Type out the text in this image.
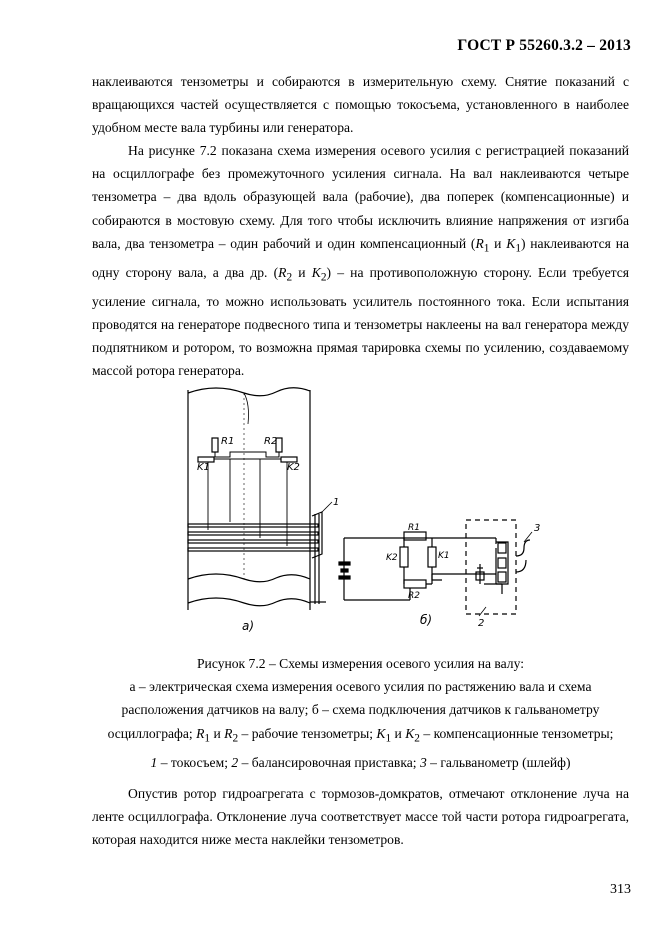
ГОСТ Р 55260.3.2 – 2013

наклеиваются тензометры и собираются в измерительную схему. Снятие показаний с вращающихся частей осуществляется с помощью токосъема, установленного в наиболее удобном месте вала турбины или генератора.

На рисунке 7.2 показана схема измерения осевого усилия с регистрацией показаний на осциллографе без промежуточного усиления сигнала. На вал наклеиваются четыре тензометра – два вдоль образующей вала (рабочие), два поперек (компенсационные) и собираются в мостовую схему. Для того чтобы исключить влияние напряжения от изгиба вала, два тензометра – один рабочий и один компенсационный ($R_1$ и $K_1$) наклеиваются на одну сторону вала, а два др. ($R_2$ и $K_2$) – на противоположную сторону. Если требуется усиление сигнала, то можно использовать усилитель постоянного тока. Если испытания проводятся на генераторе подвесного типа и тензометры наклеены на вал генератора между подпятником и ротором, то возможна прямая тарировка схемы по усилению, создаваемому массой ротора генератора.

R1	R2
K1	K2
1
3
2
R1
K2	K1
R2
а)	б)
Рисунок 7.2 – Схемы измерения осевого усилия на валу:
а – электрическая схема измерения осевого усилия по растяжению вала и схема
расположения датчиков на валу; б – схема подключения датчиков к гальванометру
осциллографа; $R_1$ и $R_2$ – рабочие тензометры; $K_1$ и $K_2$ – компенсационные тензометры;
1 – токосъем; 2 – балансировочная приставка; 3 – гальванометр (шлейф)

Опустив ротор гидроагрегата с тормозов-домкратов, отмечают отклонение луча на ленте осциллографа. Отклонение луча соответствует массе той части ротора гидроагрегата, которая находится ниже места наклейки тензометров.

313
